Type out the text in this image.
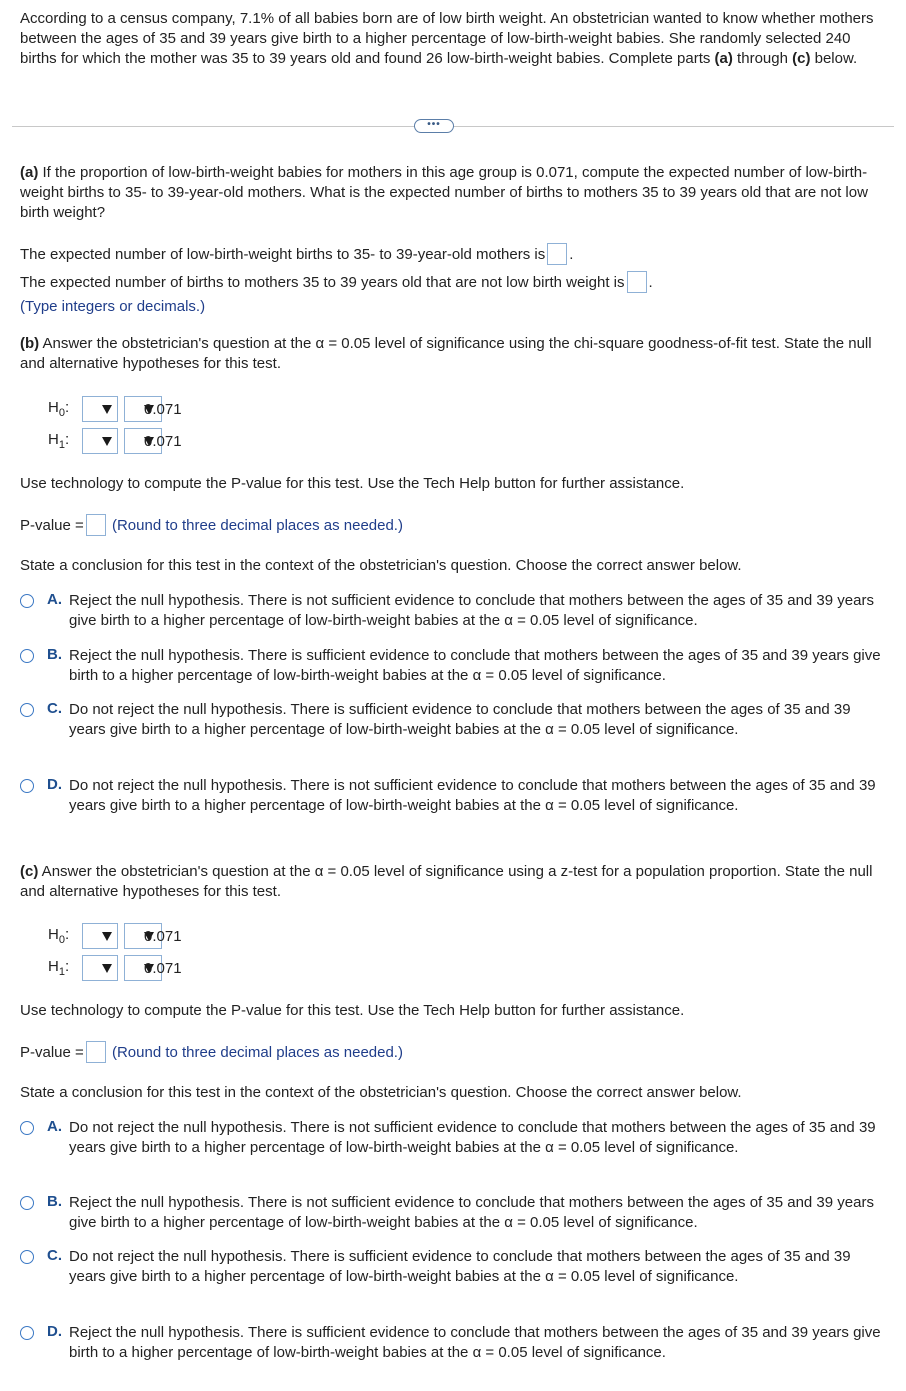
According to a census company, 7.1% of all babies born are of low birth weight. An obstetrician wanted to know whether mothers between the ages of 35 and 39 years give birth to a higher percentage of low-birth-weight babies. She randomly selected 240 births for which the mother was 35 to 39 years old and found 26 low-birth-weight babies. Complete parts (a) through (c) below.

•••

(a) If the proportion of low-birth-weight babies for mothers in this age group is 0.071, compute the expected number of low-birth-weight births to 35- to 39-year-old mothers. What is the expected number of births to mothers 35 to 39 years old that are not low birth weight?

The expected number of low-birth-weight births to 35- to 39-year-old mothers is .
The expected number of births to mothers 35 to 39 years old that are not low birth weight is .
(Type integers or decimals.)

(b) Answer the obstetrician's question at the α = 0.05 level of significance using the chi-square goodness-of-fit test. State the null and alternative hypotheses for this test.

$H_0$:	0.071
$H_1$:	0.071
Use technology to compute the P-value for this test. Use the Tech Help button for further assistance.
P-value = (Round to three decimal places as needed.)
State a conclusion for this test in the context of the obstetrician's question. Choose the correct answer below.
A. Reject the null hypothesis. There is not sufficient evidence to conclude that mothers between the ages of 35 and 39 years give birth to a higher percentage of low-birth-weight babies at the α = 0.05 level of significance.
B. Reject the null hypothesis. There is sufficient evidence to conclude that mothers between the ages of 35 and 39 years give birth to a higher percentage of low-birth-weight babies at the α = 0.05 level of significance.
C. Do not reject the null hypothesis. There is sufficient evidence to conclude that mothers between the ages of 35 and 39 years give birth to a higher percentage of low-birth-weight babies at the α = 0.05 level of significance.
D. Do not reject the null hypothesis. There is not sufficient evidence to conclude that mothers between the ages of 35 and 39 years give birth to a higher percentage of low-birth-weight babies at the α = 0.05 level of significance.

(c) Answer the obstetrician's question at the α = 0.05 level of significance using a z-test for a population proportion. State the null and alternative hypotheses for this test.

$H_0$:	0.071
$H_1$:	0.071
Use technology to compute the P-value for this test. Use the Tech Help button for further assistance.
P-value = (Round to three decimal places as needed.)
State a conclusion for this test in the context of the obstetrician's question. Choose the correct answer below.
A. Do not reject the null hypothesis. There is not sufficient evidence to conclude that mothers between the ages of 35 and 39 years give birth to a higher percentage of low-birth-weight babies at the α = 0.05 level of significance.
B. Reject the null hypothesis. There is not sufficient evidence to conclude that mothers between the ages of 35 and 39 years give birth to a higher percentage of low-birth-weight babies at the α = 0.05 level of significance.
C. Do not reject the null hypothesis. There is sufficient evidence to conclude that mothers between the ages of 35 and 39 years give birth to a higher percentage of low-birth-weight babies at the α = 0.05 level of significance.
D. Reject the null hypothesis. There is sufficient evidence to conclude that mothers between the ages of 35 and 39 years give birth to a higher percentage of low-birth-weight babies at the α = 0.05 level of significance.
